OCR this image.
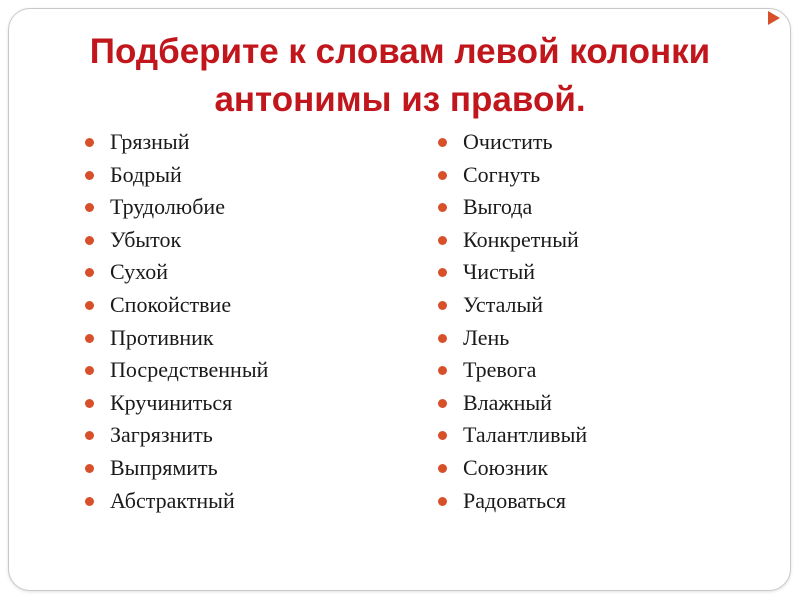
Подберите к словам левой колонки
антонимы из правой.
Грязный
Бодрый
Трудолюбие
Убыток
Сухой
Спокойствие
Противник
Посредственный
Кручиниться
Загрязнить
Выпрямить
Абстрактный
Очистить
Согнуть
Выгода
Конкретный
Чистый
Усталый
Лень
Тревога
Влажный
Талантливый
Союзник
Радоваться
